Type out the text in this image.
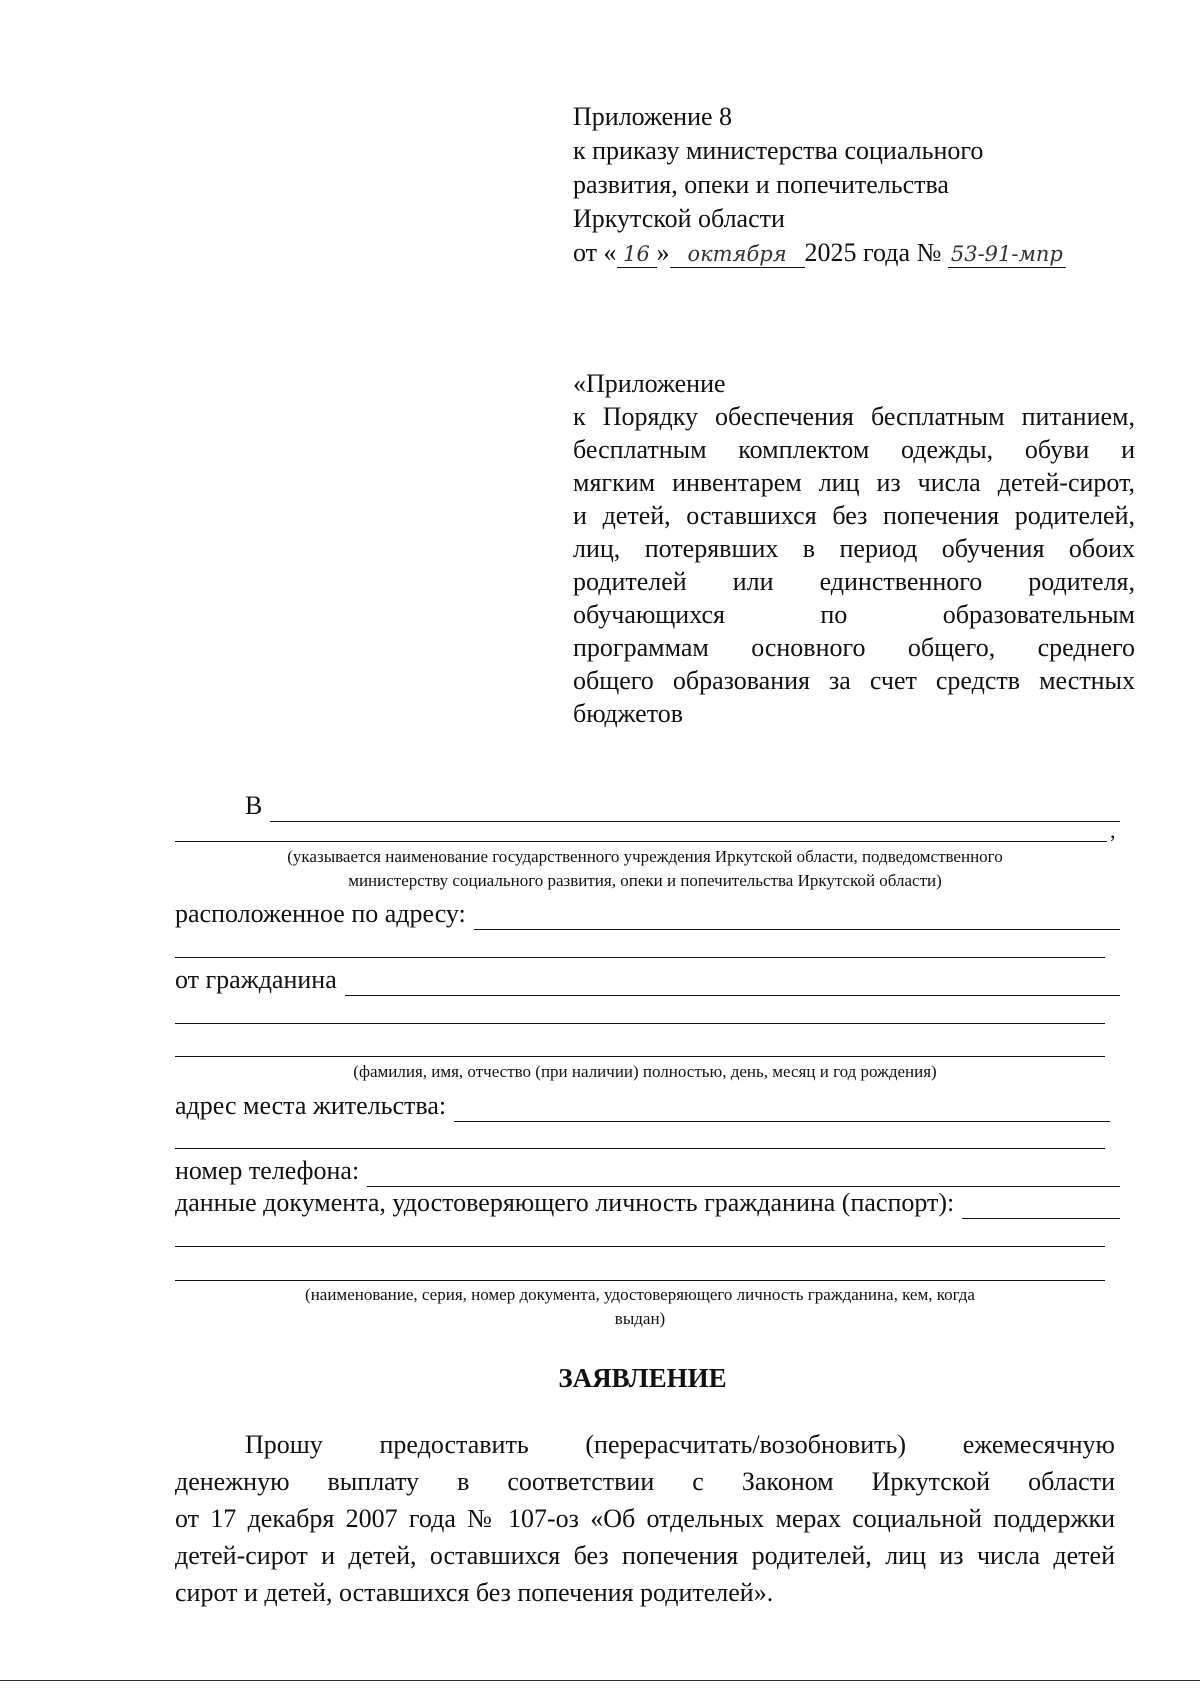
Приложение 8
к приказу министерства социального
развития, опеки и попечительства
Иркутской области
от « 16 » октября 2025 года № 53-91-мпр
«Приложение
к Порядку обеспечения бесплатным питанием,
бесплатным комплектом одежды, обуви и
мягким инвентарем лиц из числа детей-сирот,
и детей, оставшихся без попечения родителей,
лиц, потерявших в период обучения обоих
родителей или единственного родителя,
обучающихся по образовательным
программам основного общего, среднего
общего образования за счет средств местных
бюджетов
В
,
(указывается наименование государственного учреждения Иркутской области, подведомственного
министерству социального развития, опеки и попечительства Иркутской области)
расположенное по адресу:
от гражданина
(фамилия, имя, отчество (при наличии) полностью, день, месяц и год рождения)
адрес места жительства:
номер телефона:
данные документа, удостоверяющего личность гражданина (паспорт):
(наименование, серия, номер документа, удостоверяющего личность гражданина, кем, когда
выдан)
ЗАЯВЛЕНИЕ
Прошу предоставить (перерасчитать/возобновить) ежемесячную
денежную выплату в соответствии с Законом Иркутской области
от 17 декабря 2007 года № 107-оз «Об отдельных мерах социальной поддержки
детей-сирот и детей, оставшихся без попечения родителей, лиц из числа детей
сирот и детей, оставшихся без попечения родителей».
